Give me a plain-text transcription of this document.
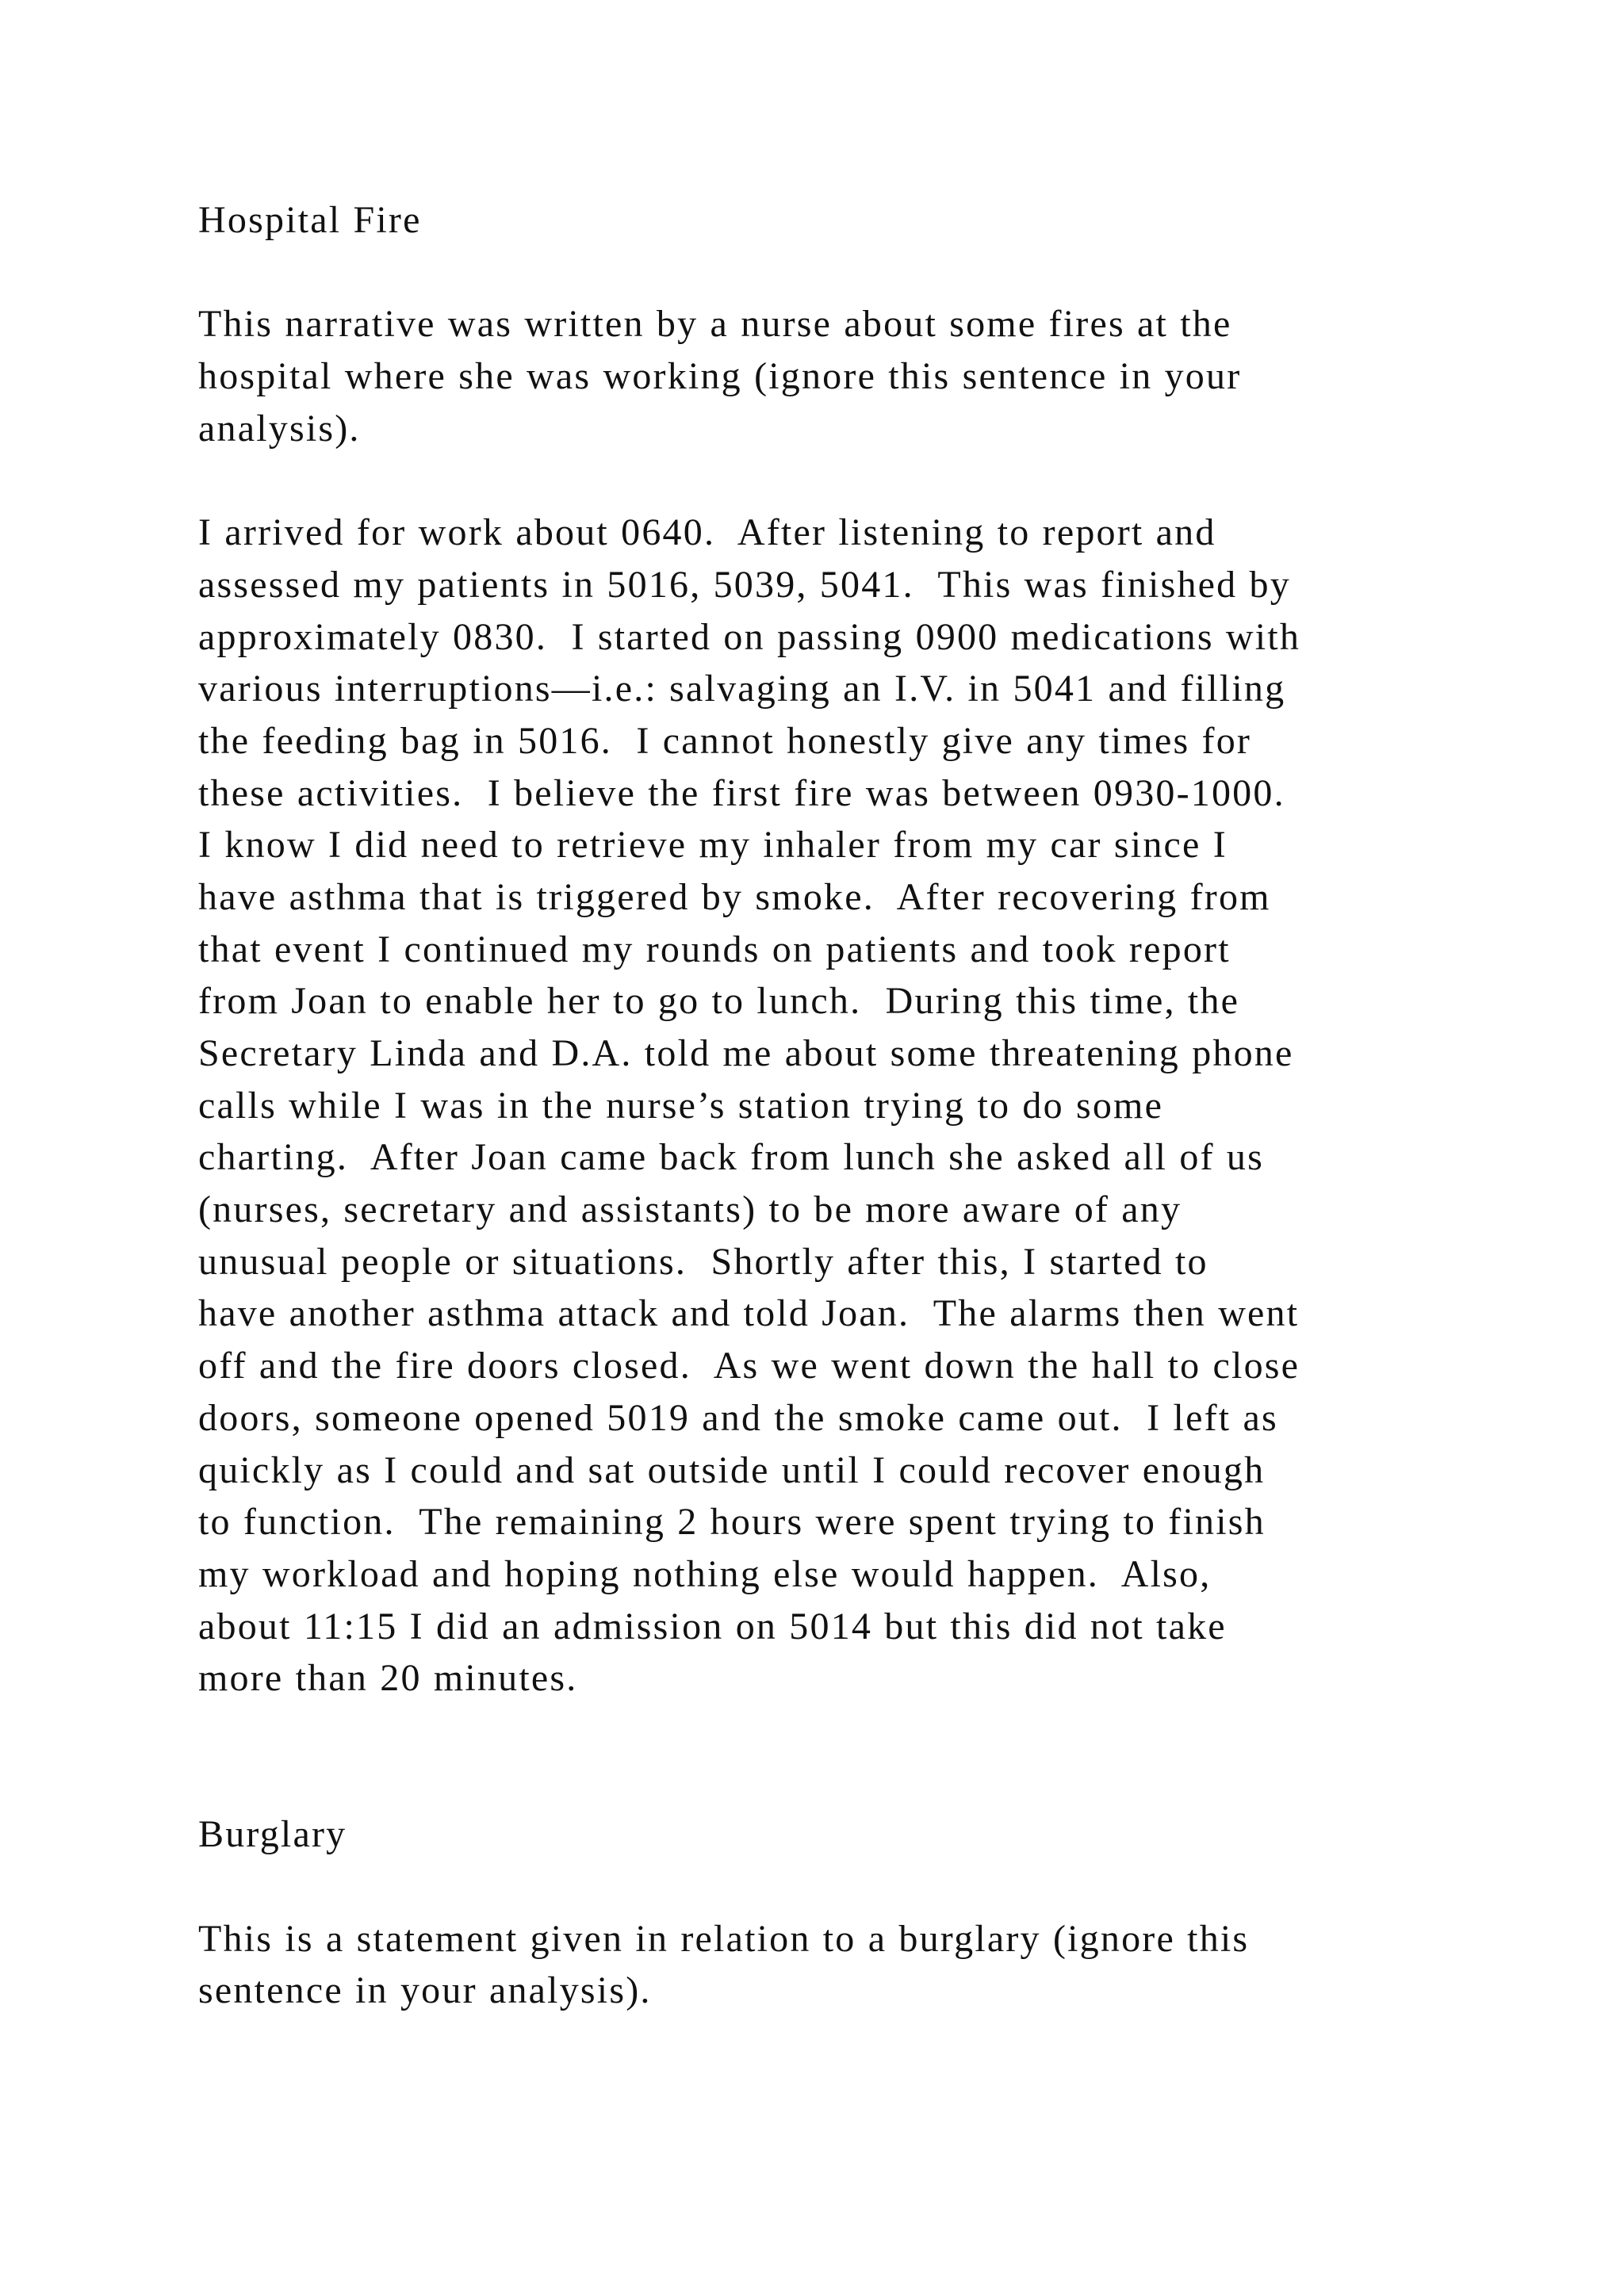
Hospital Fire
This narrative was written by a nurse about some fires at the
hospital where she was working (ignore this sentence in your
analysis).
I arrived for work about 0640.  After listening to report and
assessed my patients in 5016, 5039, 5041.  This was finished by
approximately 0830.  I started on passing 0900 medications with
various interruptions—i.e.: salvaging an I.V. in 5041 and filling
the feeding bag in 5016.  I cannot honestly give any times for
these activities.  I believe the first fire was between 0930-1000.
I know I did need to retrieve my inhaler from my car since I
have asthma that is triggered by smoke.  After recovering from
that event I continued my rounds on patients and took report
from Joan to enable her to go to lunch.  During this time, the
Secretary Linda and D.A. told me about some threatening phone
calls while I was in the nurse’s station trying to do some
charting.  After Joan came back from lunch she asked all of us
(nurses, secretary and assistants) to be more aware of any
unusual people or situations.  Shortly after this, I started to
have another asthma attack and told Joan.  The alarms then went
off and the fire doors closed.  As we went down the hall to close
doors, someone opened 5019 and the smoke came out.  I left as
quickly as I could and sat outside until I could recover enough
to function.  The remaining 2 hours were spent trying to finish
my workload and hoping nothing else would happen.  Also,
about 11:15 I did an admission on 5014 but this did not take
more than 20 minutes.
Burglary
This is a statement given in relation to a burglary (ignore this
sentence in your analysis).
